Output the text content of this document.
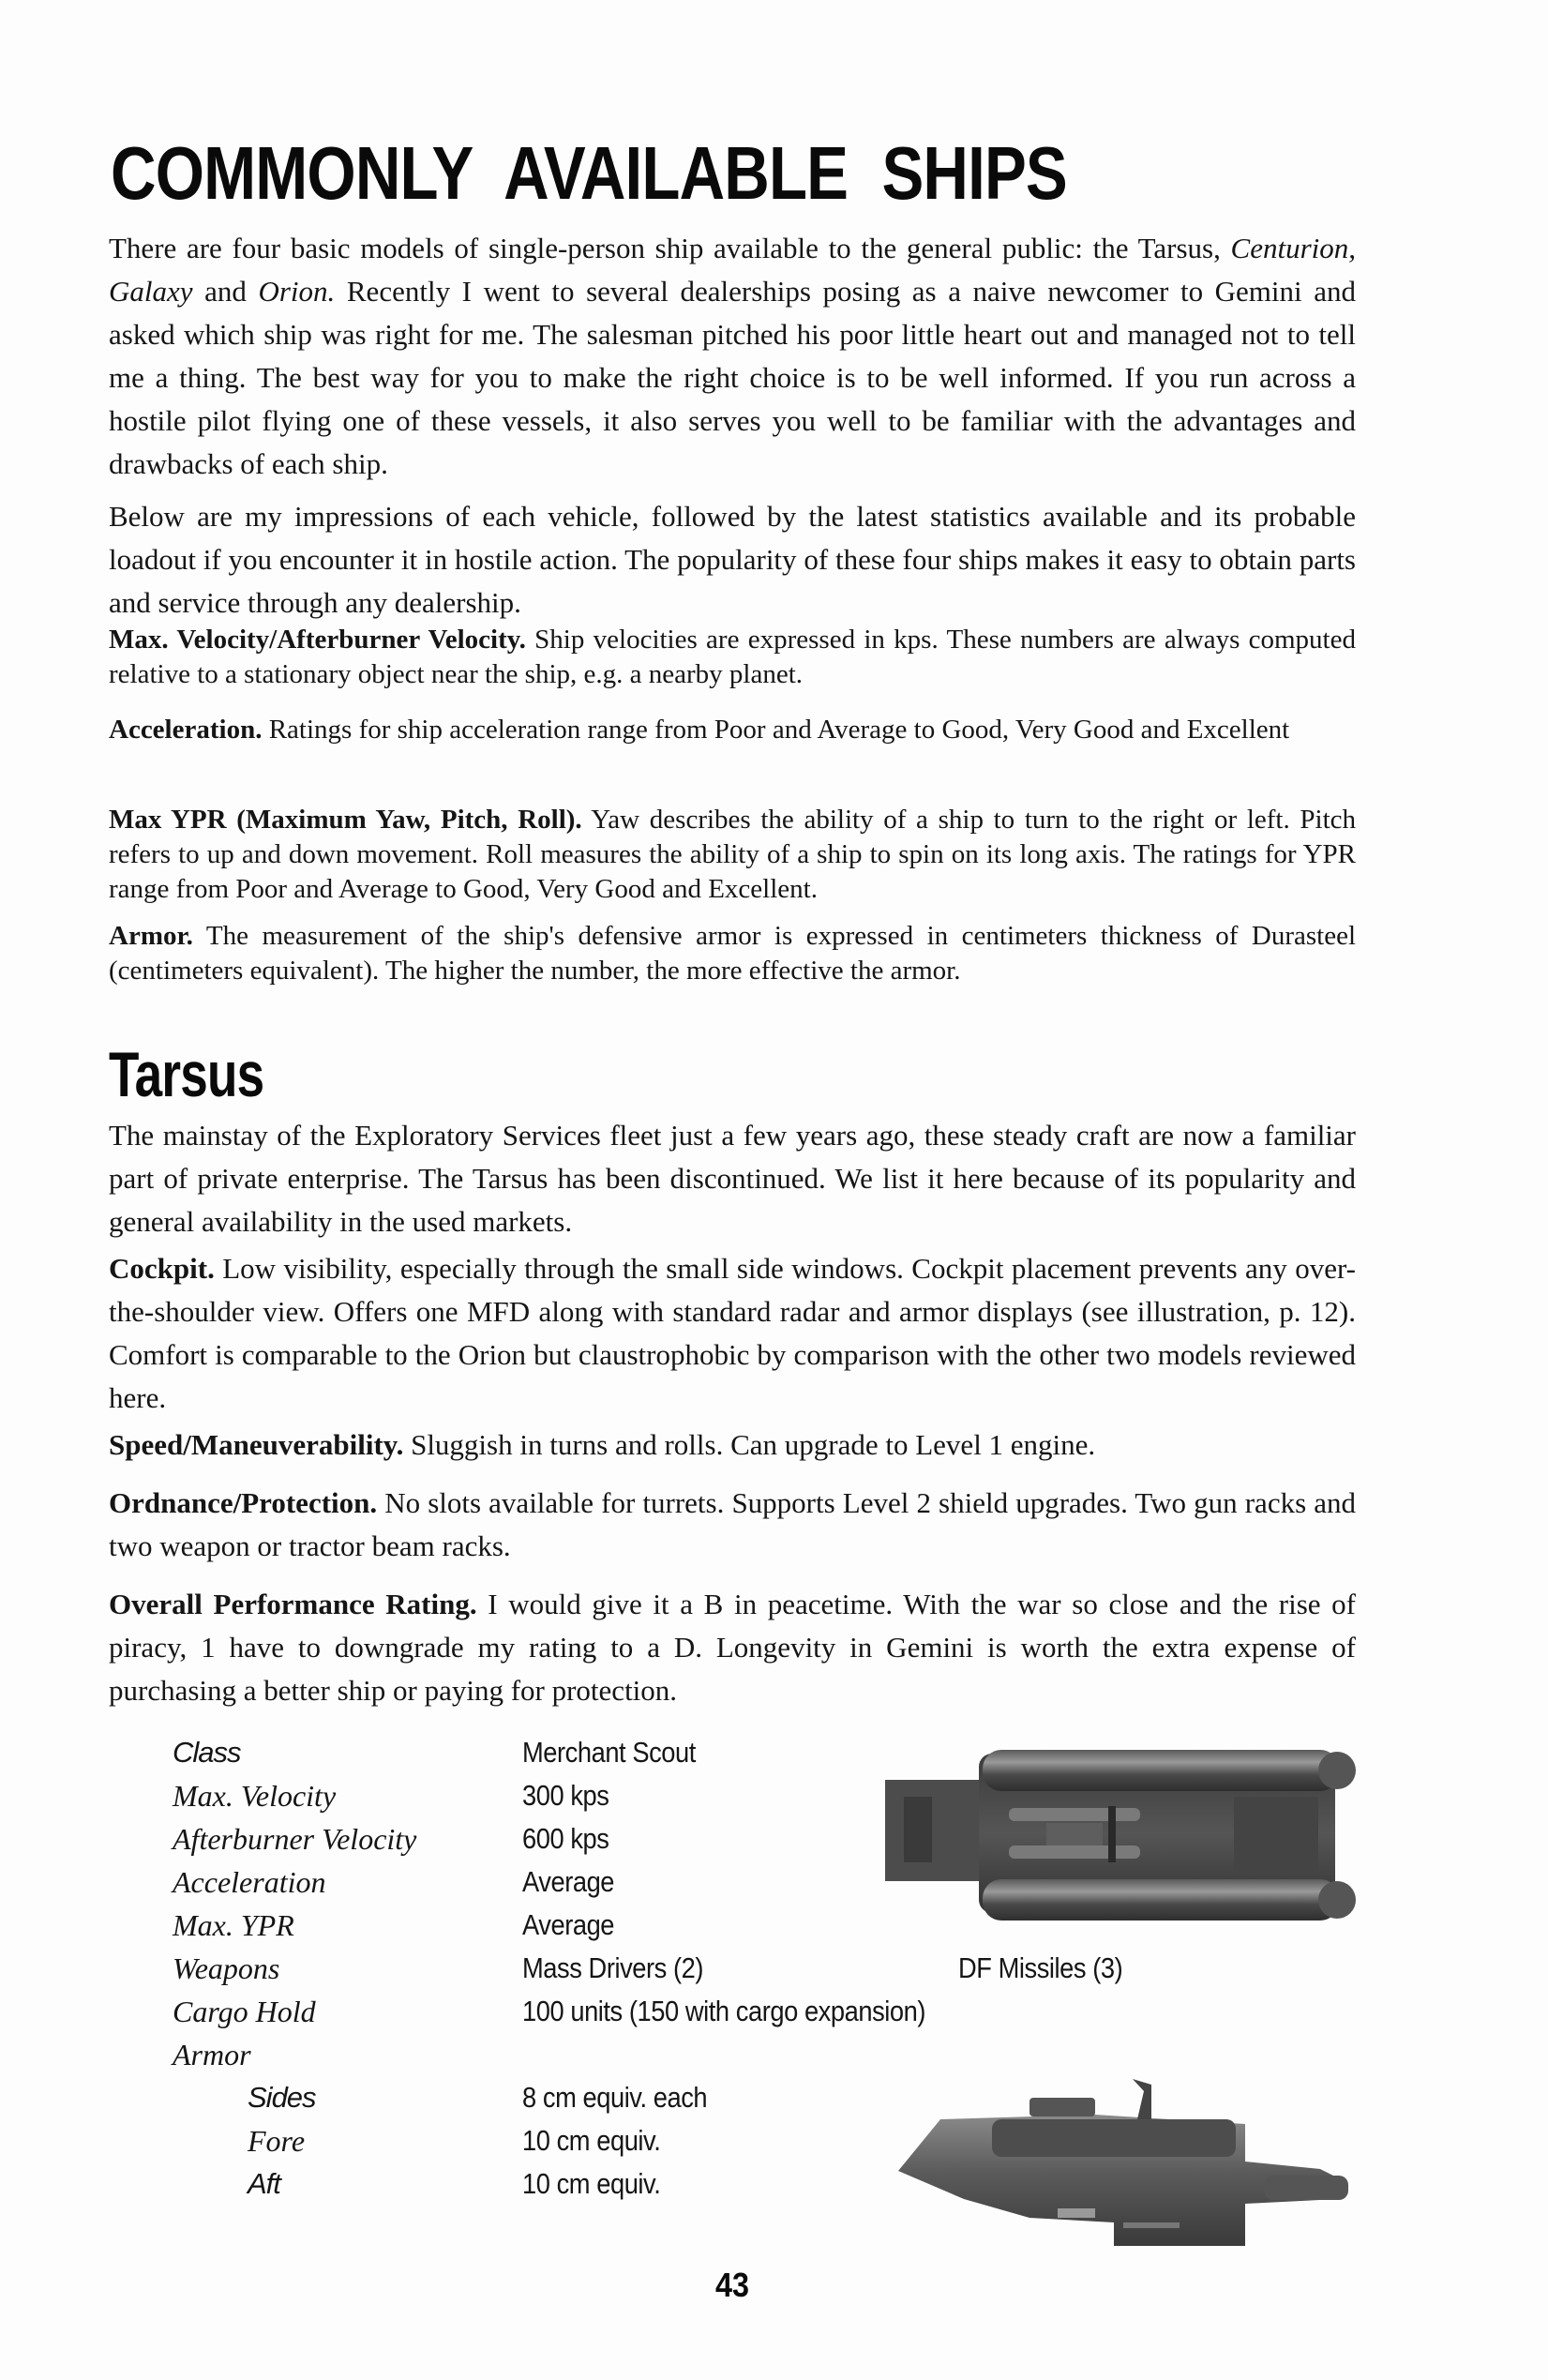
COMMONLY AVAILABLE SHIPS
There are four basic models of single-person ship available to the general public: the Tarsus, Centurion, Galaxy and Orion. Recently I went to several dealerships posing as a naive newcomer to Gemini and asked which ship was right for me. The salesman pitched his poor little heart out and managed not to tell me a thing. The best way for you to make the right choice is to be well informed. If you run across a hostile pilot flying one of these vessels, it also serves you well to be familiar with the advantages and drawbacks of each ship.
Below are my impressions of each vehicle, followed by the latest statistics available and its probable loadout if you encounter it in hostile action. The popularity of these four ships makes it easy to obtain parts and service through any dealership.
Max. Velocity/Afterburner Velocity. Ship velocities are expressed in kps. These numbers are always computed relative to a stationary object near the ship, e.g. a nearby planet.
Acceleration. Ratings for ship acceleration range from Poor and Average to Good, Very Good and Excellent
Max YPR (Maximum Yaw, Pitch, Roll). Yaw describes the ability of a ship to turn to the right or left. Pitch refers to up and down movement. Roll measures the ability of a ship to spin on its long axis. The ratings for YPR range from Poor and Average to Good, Very Good and Excellent.
Armor. The measurement of the ship's defensive armor is expressed in centimeters thickness of Durasteel (centimeters equivalent). The higher the number, the more effective the armor.
Tarsus
The mainstay of the Exploratory Services fleet just a few years ago, these steady craft are now a familiar part of private enterprise. The Tarsus has been discontinued. We list it here because of its popularity and general availability in the used markets.
Cockpit. Low visibility, especially through the small side windows. Cockpit placement prevents any over-the-shoulder view. Offers one MFD along with standard radar and armor displays (see illustration, p. 12). Comfort is comparable to the Orion but claustrophobic by comparison with the other two models reviewed here.
Speed/Maneuverability. Sluggish in turns and rolls. Can upgrade to Level 1 engine.
Ordnance/Protection. No slots available for turrets. Supports Level 2 shield upgrades. Two gun racks and two weapon or tractor beam racks.
Overall Performance Rating. I would give it a B in peacetime. With the war so close and the rise of piracy, 1 have to downgrade my rating to a D. Longevity in Gemini is worth the extra expense of purchasing a better ship or paying for protection.
Class	Merchant Scout
Max. Velocity	300 kps
Afterburner Velocity	600 kps
Acceleration	Average
Max. YPR	Average
Weapons	Mass Drivers (2)	DF Missiles (3)
Cargo Hold	100 units (150 with cargo expansion)
Armor
Sides	8 cm equiv. each
Fore	10 cm equiv.
Aft	10 cm equiv.
43
